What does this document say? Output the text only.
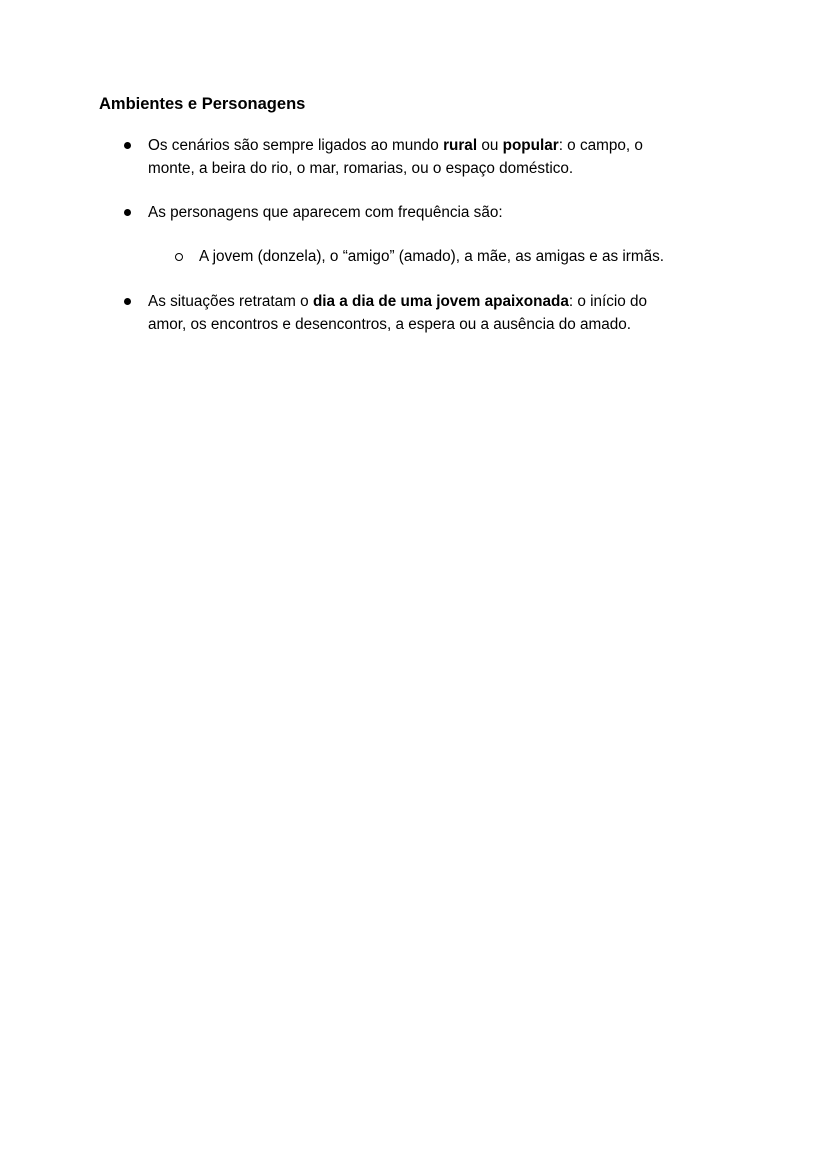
Ambientes e Personagens

Os cenários são sempre ligados ao mundo rural ou popular: o campo, o
monte, a beira do rio, o mar, romarias, ou o espaço doméstico.

As personagens que aparecem com frequência são:

A jovem (donzela), o “amigo” (amado), a mãe, as amigas e as irmãs.

As situações retratam o dia a dia de uma jovem apaixonada: o início do
amor, os encontros e desencontros, a espera ou a ausência do amado.
